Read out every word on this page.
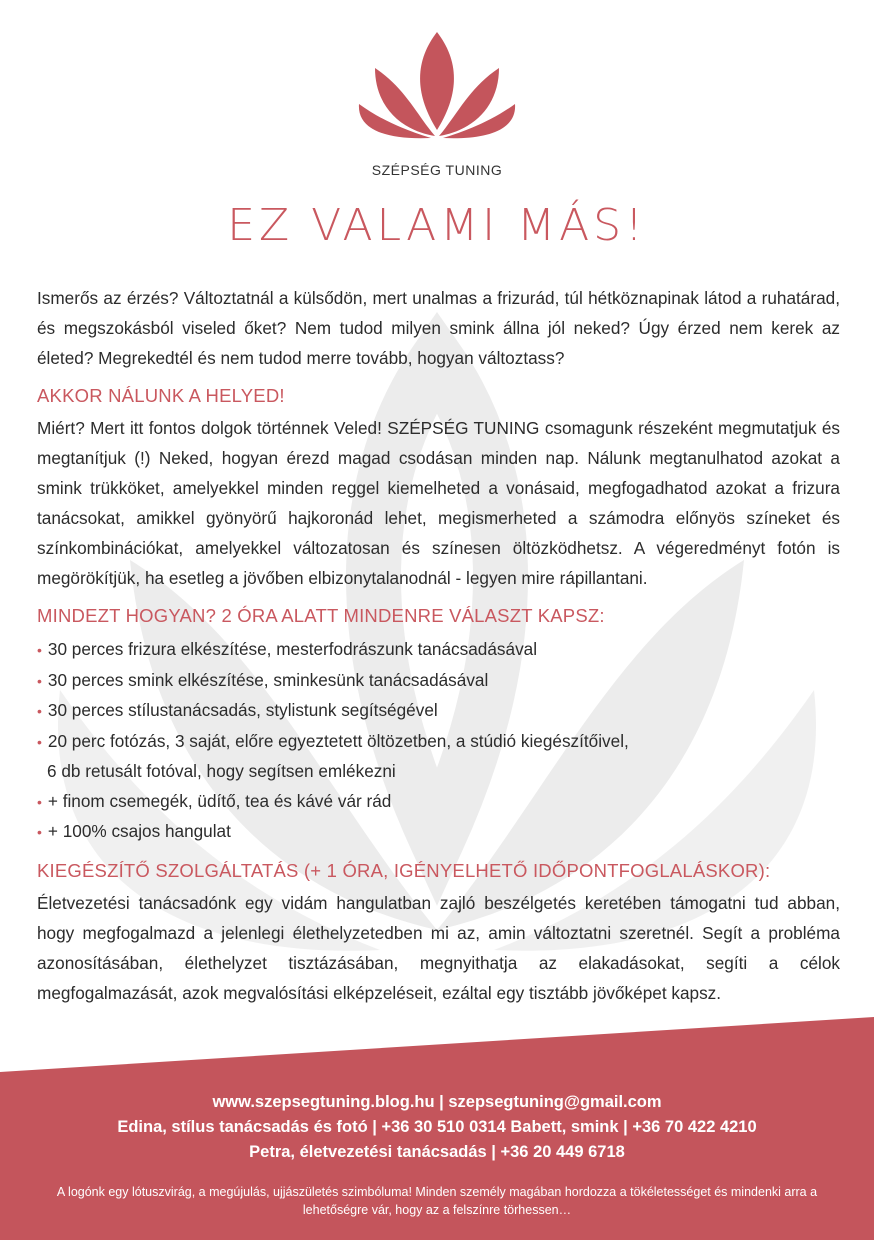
SZÉPSÉG TUNING
EZ VALAMI MÁS!

Ismerős az érzés? Változtatnál a külsődön, mert unalmas a frizurád, túl hétköznapinak látod a ruhatárad, és megszokásból viseled őket? Nem tudod milyen smink állna jól neked? Úgy érzed nem kerek az életed? Megrekedtél és nem tudod merre tovább, hogyan változtass?

AKKOR NÁLUNK A HELYED!

Miért? Mert itt fontos dolgok történnek Veled! SZÉPSÉG TUNING csomagunk részeként megmutatjuk és megtanítjuk (!) Neked, hogyan érezd magad csodásan minden nap. Nálunk megtanulhatod azokat a smink trükköket, amelyekkel minden reggel kiemelheted a vonásaid, megfogadhatod azokat a frizura tanácsokat, amikkel gyönyörű hajkoronád lehet, megismerheted a számodra előnyös színeket és színkombinációkat, amelyekkel változatosan és színesen öltözködhetsz. A végeredményt fotón is megörökítjük, ha esetleg a jövőben elbizonytalanodnál - legyen mire rápillantani.

MINDEZT HOGYAN? 2 ÓRA ALATT MINDENRE VÁLASZT KAPSZ:
• 30 perces frizura elkészítése, mesterfodrászunk tanácsadásával
• 30 perces smink elkészítése, sminkesünk tanácsadásával
• 30 perces stílustanácsadás, stylistunk segítségével
• 20 perc fotózás, 3 saját, előre egyeztetett öltözetben, a stúdió kiegészítőivel,
6 db retusált fotóval, hogy segítsen emlékezni
• + finom csemegék, üdítő, tea és kávé vár rád
• + 100% csajos hangulat
KIEGÉSZÍTŐ SZOLGÁLTATÁS (+ 1 ÓRA, IGÉNYELHETŐ IDŐPONTFOGLALÁSKOR):

Életvezetési tanácsadónk egy vidám hangulatban zajló beszélgetés keretében támogatni tud abban, hogy megfogalmazd a jelenlegi élethelyzetedben mi az, amin változtatni szeretnél. Segít a probléma azonosításában, élethelyzet tisztázásában, megnyithatja az elakadásokat, segíti a célok megfogalmazását, azok megvalósítási elképzeléseit, ezáltal egy tisztább jövőképet kapsz.

www.szepsegtuning.blog.hu | szepsegtuning@gmail.com
Edina, stílus tanácsadás és fotó | +36 30 510 0314 Babett, smink | +36 70 422 4210
Petra, életvezetési tanácsadás | +36 20 449 6718
A logónk egy lótuszvirág, a megújulás, ujjászületés szimbóluma! Minden személy magában hordozza a tökéletességet és mindenki arra a lehetőségre vár, hogy az a felszínre törhessen…
